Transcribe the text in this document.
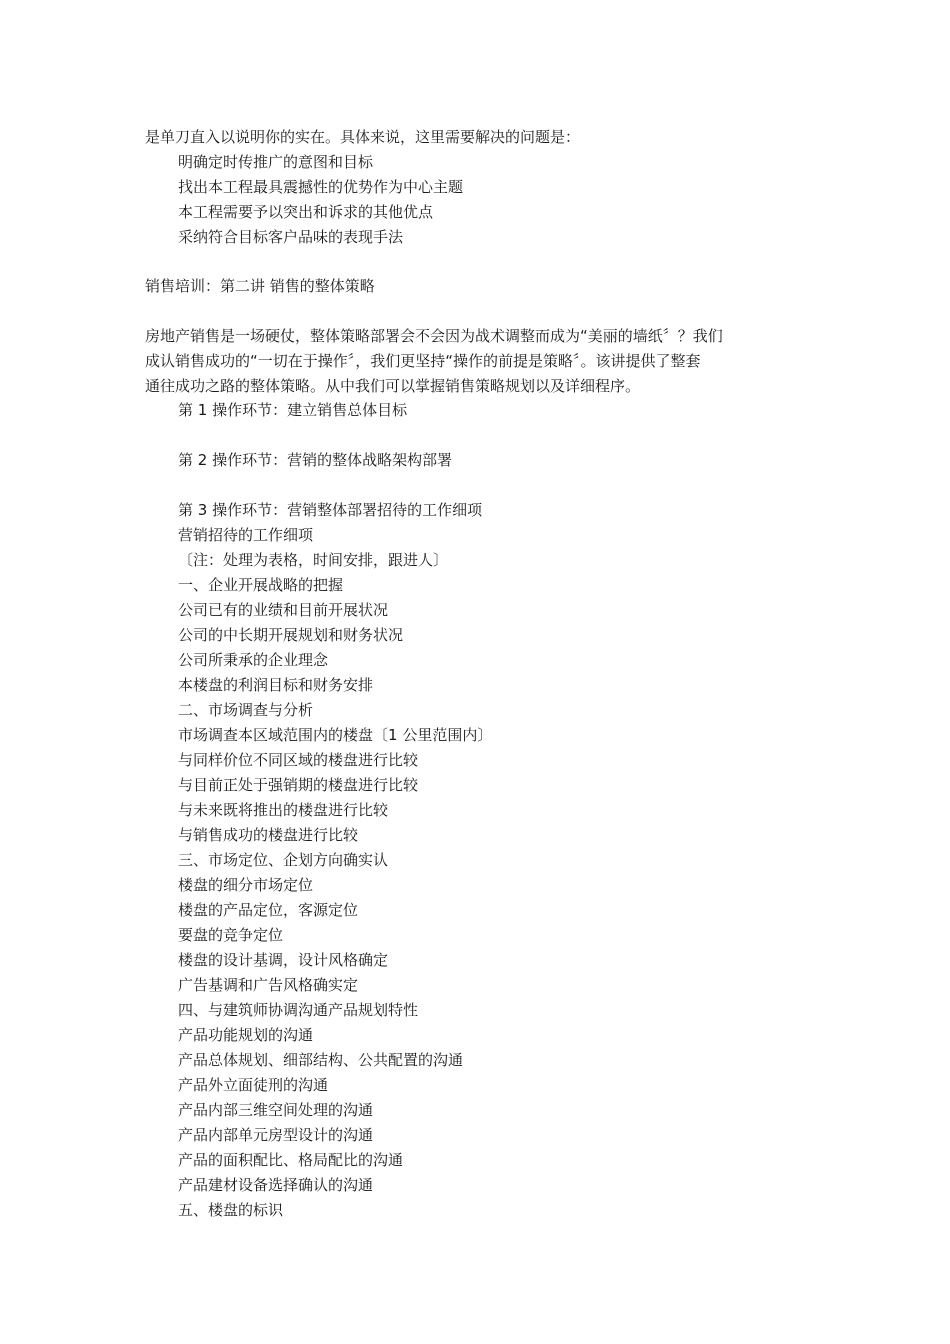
是单刀直入以说明你的实在。具体来说，这里需要解决的问题是：
明确定时传推广的意图和目标
找出本工程最具震撼性的优势作为中心主题
本工程需要予以突出和诉求的其他优点
采纳符合目标客户品味的表现手法
销售培训：第二讲 销售的整体策略
房地产销售是一场硬仗，整体策略部署会不会因为战术调整而成为“美丽的墙纸〞？我们
成认销售成功的“一切在于操作〞，我们更坚持“操作的前提是策略〞。该讲提供了整套
通往成功之路的整体策略。从中我们可以掌握销售策略规划以及详细程序。
第 1 操作环节：建立销售总体目标
第 2 操作环节：营销的整体战略架构部署
第 3 操作环节：营销整体部署招待的工作细项
营销招待的工作细项
〔注：处理为表格，时间安排，跟进人〕
一、企业开展战略的把握
公司已有的业绩和目前开展状况
公司的中长期开展规划和财务状况
公司所秉承的企业理念
本楼盘的利润目标和财务安排
二、市场调查与分析
市场调查本区域范围内的楼盘〔1 公里范围内〕
与同样价位不同区域的楼盘进行比较
与目前正处于强销期的楼盘进行比较
与未来既将推出的楼盘进行比较
与销售成功的楼盘进行比较
三、市场定位、企划方向确实认
楼盘的细分市场定位
楼盘的产品定位，客源定位
要盘的竞争定位
楼盘的设计基调，设计风格确定
广告基调和广告风格确实定
四、与建筑师协调沟通产品规划特性
产品功能规划的沟通
产品总体规划、细部结构、公共配置的沟通
产品外立面徒刑的沟通
产品内部三维空间处理的沟通
产品内部单元房型设计的沟通
产品的面积配比、格局配比的沟通
产品建材设备选择确认的沟通
五、楼盘的标识
